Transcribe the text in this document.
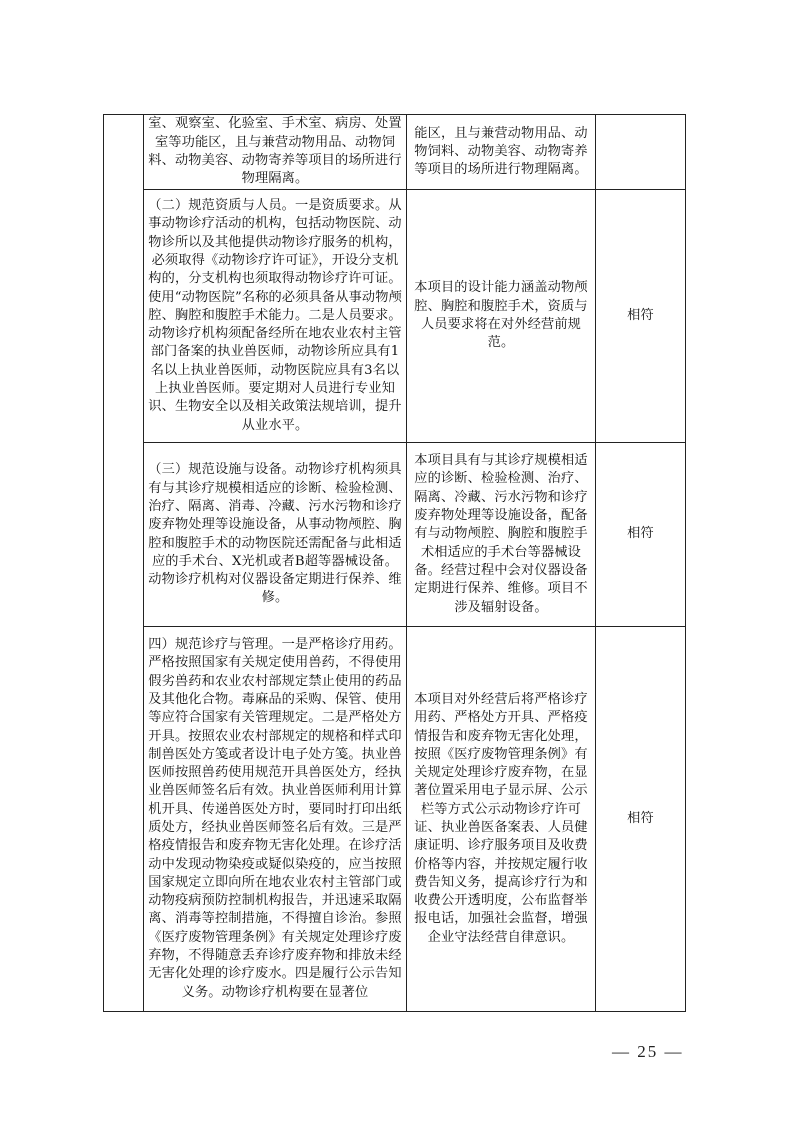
	室、观察室、化验室、手术室、病房、处置室等功能区，且与兼营动物用品、动物饲料、动物美容、动物寄养等项目的场所进行物理隔离。	能区，且与兼营动物用品、动物饲料、动物美容、动物寄养等项目的场所进行物理隔离。	
	（二）规范资质与人员。一是资质要求。从事动物诊疗活动的机构，包括动物医院、动物诊所以及其他提供动物诊疗服务的机构，必须取得《动物诊疗许可证》，开设分支机构的，分支机构也须取得动物诊疗许可证。使用“动物医院”名称的必须具备从事动物颅腔、胸腔和腹腔手术能力。二是人员要求。动物诊疗机构须配备经所在地农业农村主管部门备案的执业兽医师，动物诊所应具有1名以上执业兽医师，动物医院应具有3名以上执业兽医师。要定期对人员进行专业知识、生物安全以及相关政策法规培训，提升从业水平。	本项目的设计能力涵盖动物颅腔、胸腔和腹腔手术，资质与人员要求将在对外经营前规范。	相符
	（三）规范设施与设备。动物诊疗机构须具有与其诊疗规模相适应的诊断、检验检测、治疗、隔离、消毒、冷藏、污水污物和诊疗废弃物处理等设施设备，从事动物颅腔、胸腔和腹腔手术的动物医院还需配备与此相适应的手术台、X光机或者B超等器械设备。动物诊疗机构对仪器设备定期进行保养、维修。	本项目具有与其诊疗规模相适应的诊断、检验检测、治疗、隔离、冷藏、污水污物和诊疗废弃物处理等设施设备，配备有与动物颅腔、胸腔和腹腔手术相适应的手术台等器械设备。经营过程中会对仪器设备定期进行保养、维修。项目不涉及辐射设备。	相符
	四）规范诊疗与管理。一是严格诊疗用药。严格按照国家有关规定使用兽药，不得使用假劣兽药和农业农村部规定禁止使用的药品及其他化合物。毒麻品的采购、保管、使用等应符合国家有关管理规定。二是严格处方开具。按照农业农村部规定的规格和样式印制兽医处方笺或者设计电子处方笺。执业兽医师按照兽药使用规范开具兽医处方，经执业兽医师签名后有效。执业兽医师利用计算机开具、传递兽医处方时，要同时打印出纸质处方，经执业兽医师签名后有效。三是严格疫情报告和废弃物无害化处理。在诊疗活动中发现动物染疫或疑似染疫的，应当按照国家规定立即向所在地农业农村主管部门或动物疫病预防控制机构报告，并迅速采取隔离、消毒等控制措施，不得擅自诊治。参照《医疗废物管理条例》有关规定处理诊疗废弃物，不得随意丢弃诊疗废弃物和排放未经无害化处理的诊疗废水。四是履行公示告知义务。动物诊疗机构要在显著位	本项目对外经营后将严格诊疗用药、严格处方开具、严格疫情报告和废弃物无害化处理，按照《医疗废物管理条例》有关规定处理诊疗废弃物，在显著位置采用电子显示屏、公示栏等方式公示动物诊疗许可证、执业兽医备案表、人员健康证明、诊疗服务项目及收费价格等内容，并按规定履行收费告知义务，提高诊疗行为和收费公开透明度，公布监督举报电话，加强社会监督，增强企业守法经营自律意识。	相符
— 25 —
